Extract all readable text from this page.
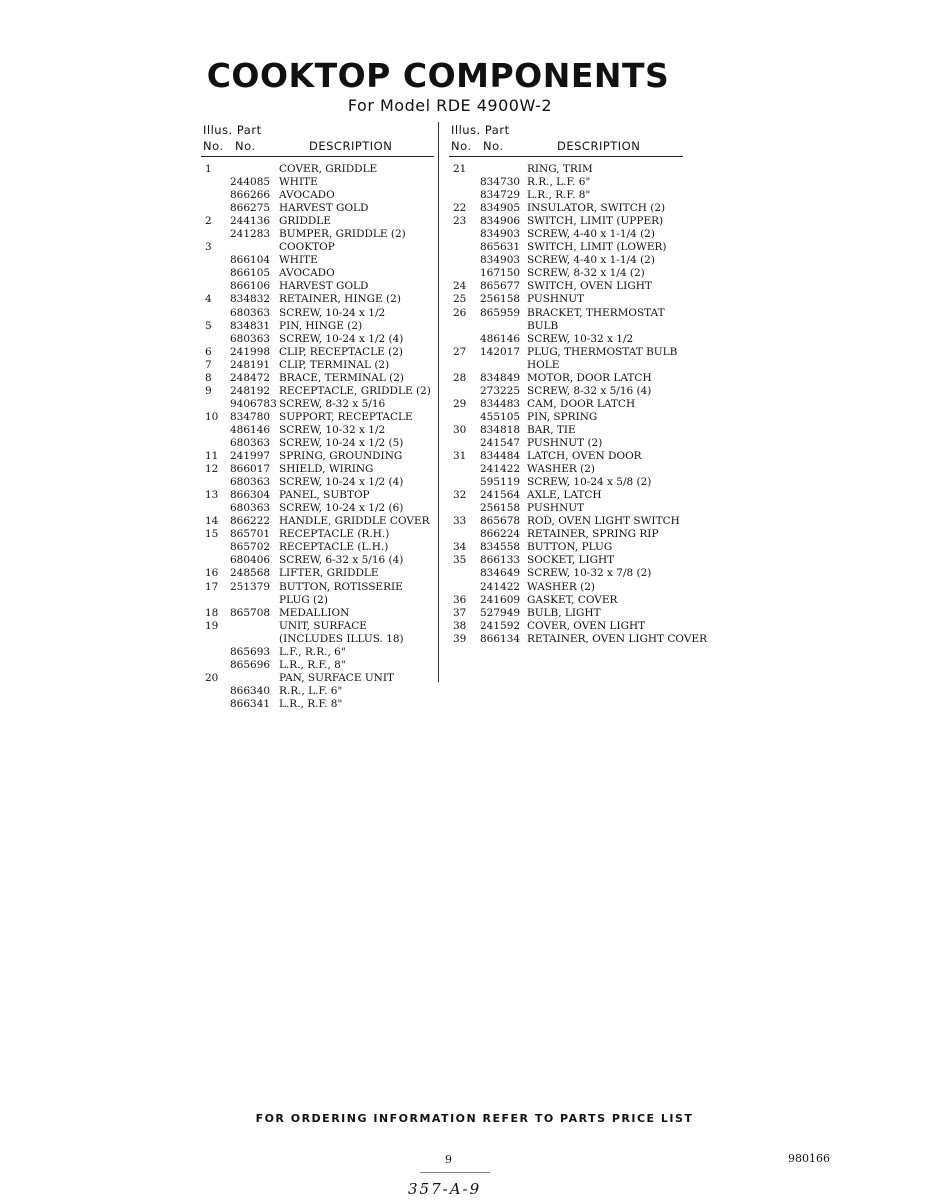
COOKTOP COMPONENTS
For Model RDE 4900W-2
Illus. Part
No. No.	DESCRIPTION
1	COVER, GRIDDLE
244085 WHITE
866266 AVOCADO
866275 HARVEST GOLD
2 244136 GRIDDLE
241283 BUMPER, GRIDDLE (2)
3	COOKTOP
866104 WHITE
866105 AVOCADO
866106 HARVEST GOLD
4 834832 RETAINER, HINGE (2)
680363 SCREW, 10-24 x 1/2
5 834831 PIN, HINGE (2)
680363 SCREW, 10-24 x 1/2 (4)
6 241998 CLIP, RECEPTACLE (2)
7 248191 CLIP, TERMINAL (2)
8 248472 BRACE, TERMINAL (2)
9 248192 RECEPTACLE, GRIDDLE (2)
9406783 SCREW, 8-32 x 5/16
10 834780 SUPPORT, RECEPTACLE
486146 SCREW, 10-32 x 1/2
680363 SCREW, 10-24 x 1/2 (5)
11 241997 SPRING, GROUNDING
12 866017 SHIELD, WIRING
680363 SCREW, 10-24 x 1/2 (4)
13 866304 PANEL, SUBTOP
680363 SCREW, 10-24 x 1/2 (6)
14 866222 HANDLE, GRIDDLE COVER
15 865701 RECEPTACLE (R.H.)
865702 RECEPTACLE (L.H.)
680406 SCREW, 6-32 x 5/16 (4)
16 248568 LIFTER, GRIDDLE
17 251379 BUTTON, ROTISSERIE
PLUG (2)
18 865708 MEDALLION
19	UNIT, SURFACE
(INCLUDES ILLUS. 18)
865693 L.F., R.R., 6"
865696 L.R., R.F., 8"
20	PAN, SURFACE UNIT
866340 R.R., L.F. 6"
866341 L.R., R.F. 8"
Illus. Part
No. No.	DESCRIPTION
21	RING, TRIM
834730 R.R., L.F. 6"
834729 L.R., R.F. 8"
22 834905 INSULATOR, SWITCH (2)
23 834906 SWITCH, LIMIT (UPPER)
834903 SCREW, 4-40 x 1-1/4 (2)
865631 SWITCH, LIMIT (LOWER)
834903 SCREW, 4-40 x 1-1/4 (2)
167150 SCREW, 8-32 x 1/4 (2)
24 865677 SWITCH, OVEN LIGHT
25 256158 PUSHNUT
26 865959 BRACKET, THERMOSTAT
BULB
486146 SCREW, 10-32 x 1/2
27 142017 PLUG, THERMOSTAT BULB
HOLE
28 834849 MOTOR, DOOR LATCH
273225 SCREW, 8-32 x 5/16 (4)
29 834483 CAM, DOOR LATCH
455105 PIN, SPRING
30 834818 BAR, TIE
241547 PUSHNUT (2)
31 834484 LATCH, OVEN DOOR
241422 WASHER (2)
595119 SCREW, 10-24 x 5/8 (2)
32 241564 AXLE, LATCH
256158 PUSHNUT
33 865678 ROD, OVEN LIGHT SWITCH
866224 RETAINER, SPRING RIP
34 834558 BUTTON, PLUG
35 866133 SOCKET, LIGHT
834649 SCREW, 10-32 x 7/8 (2)
241422 WASHER (2)
36 241609 GASKET, COVER
37 527949 BULB, LIGHT
38 241592 COVER, OVEN LIGHT
39 866134 RETAINER, OVEN LIGHT COVER
FOR ORDERING INFORMATION REFER TO PARTS PRICE LIST
9	980166
357-A-9
